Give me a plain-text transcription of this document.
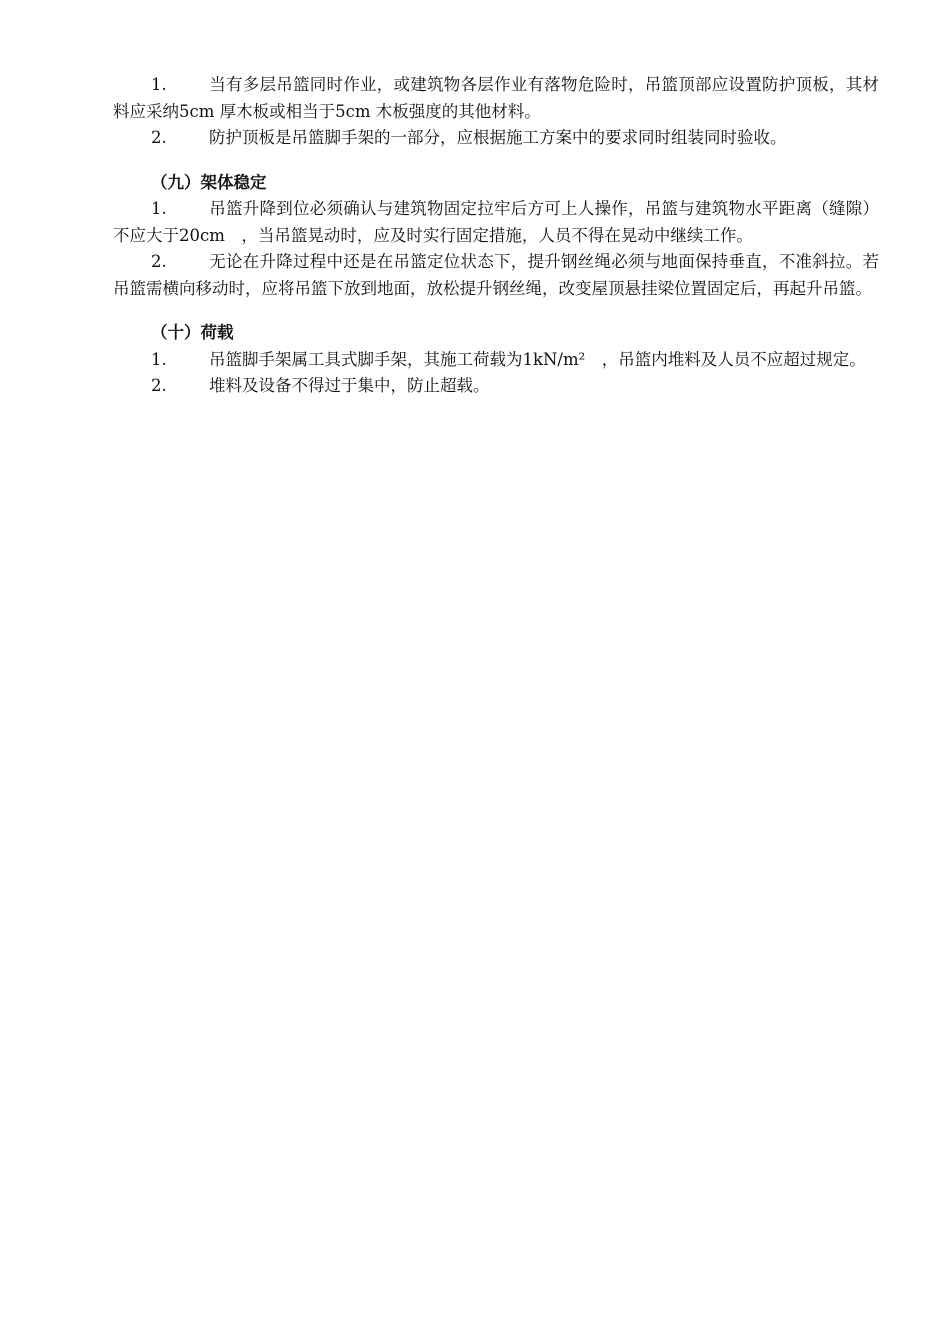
1.	当有多层吊篮同时作业，或建筑物各层作业有落物危险时，吊篮顶部应设置防护顶板，其材料应采纳5cm 厚木板或相当于5cm 木板强度的其他材料。

2.	防护顶板是吊篮脚手架的一部分，应根据施工方案中的要求同时组装同时验收。

（九）架体稳定

1.	吊篮升降到位必须确认与建筑物固定拉牢后方可上人操作，吊篮与建筑物水平距离（缝隙）不应大于20cm　，当吊篮晃动时，应及时实行固定措施，人员不得在晃动中继续工作。

2.	无论在升降过程中还是在吊篮定位状态下，提升钢丝绳必须与地面保持垂直，不准斜拉。若吊篮需横向移动时，应将吊篮下放到地面，放松提升钢丝绳，改变屋顶悬挂梁位置固定后，再起升吊篮。

（十）荷载

1.	吊篮脚手架属工具式脚手架，其施工荷载为1kN/m²　，吊篮内堆料及人员不应超过规定。

2.	堆料及设备不得过于集中，防止超载。
